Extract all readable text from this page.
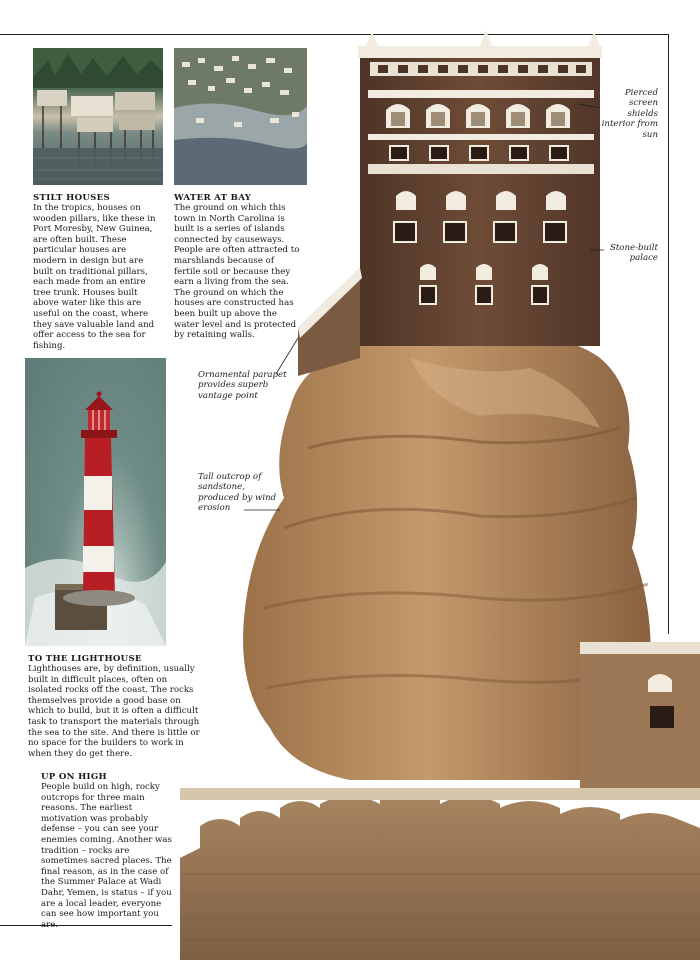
STILT HOUSES
In the tropics, houses on wooden pillars, like these in Port Moresby, New Guinea, are often built. These particular houses are modern in design but are built on traditional pillars, each made from an entire tree trunk. Houses built above water like this are useful on the coast, where they save valuable land and offer access to the sea for fishing.
WATER AT BAY
The ground on which this town in North Carolina is built is a series of islands connected by causeways. People are often attracted to marshlands because of fertile soil or because they earn a living from the sea. The ground on which the houses are constructed has been built up above the water level and is protected by retaining walls.
TO THE LIGHTHOUSE
Lighthouses are, by definition, usually built in difficult places, often on isolated rocks off the coast. The rocks themselves provide a good base on which to build, but it is often a difficult task to transport the materials through the sea to the site. And there is little or no space for the builders to work in when they do get there.
UP ON HIGH
People build on high, rocky outcrops for three main reasons. The earliest motivation was probably defense – you can see your enemies coming. Another was tradition – rocks are sometimes sacred places. The final reason, as in the case of the Summer Palace at Wadi Dahr, Yemen, is status – if you are a local leader, everyone can see how important you are.
Pierced screen shields interior from sun
Stone-built palace
Ornamental parapet provides superb vantage point
Tall outcrop of sandstone, produced by wind erosion
